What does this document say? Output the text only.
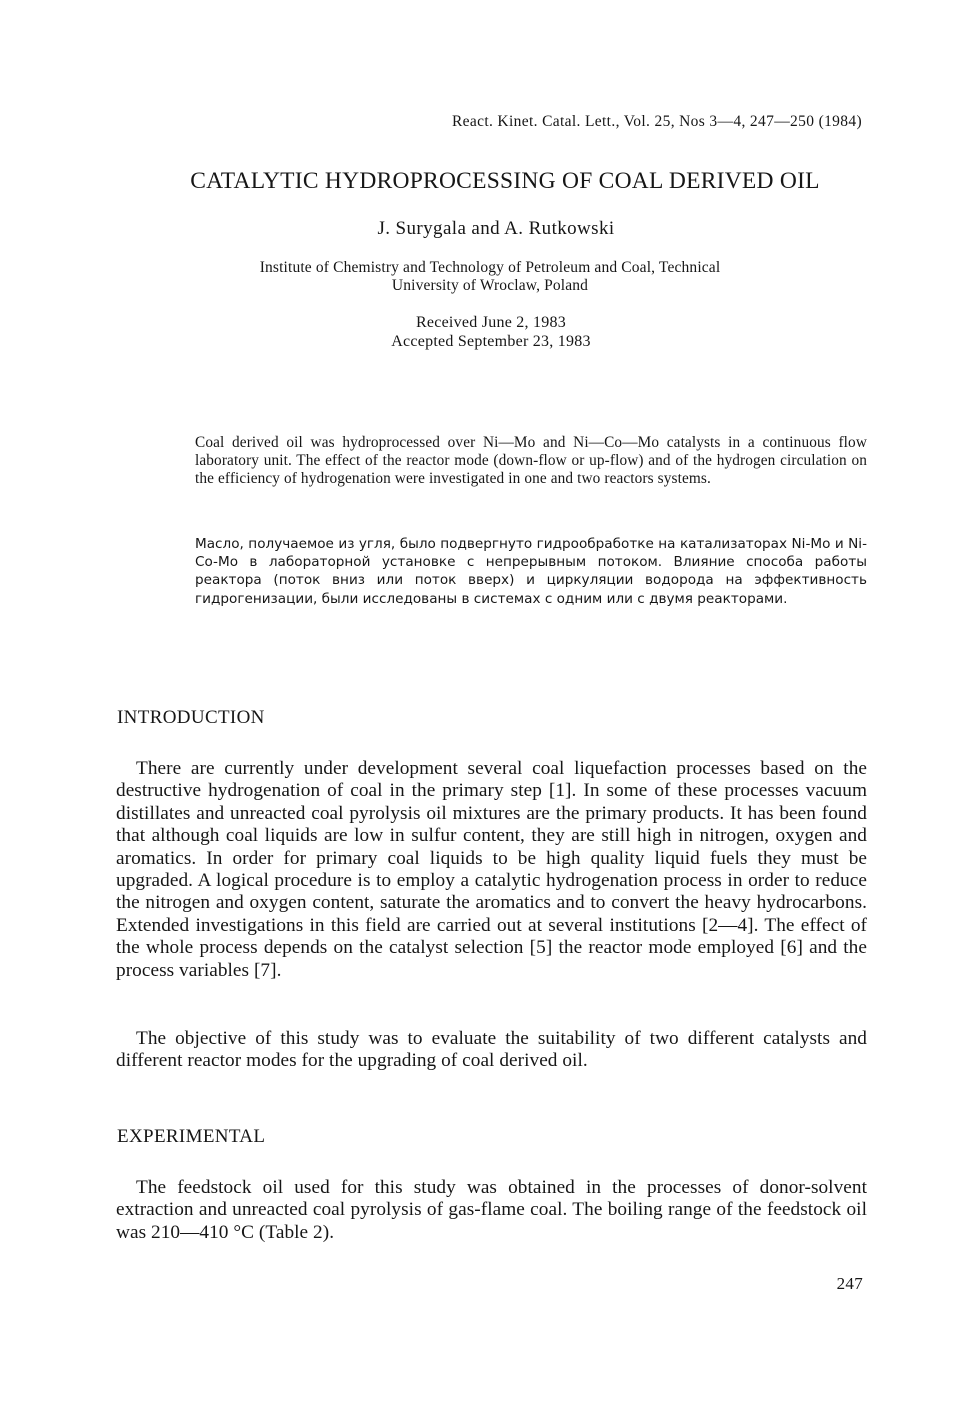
React. Kinet. Catal. Lett., Vol. 25, Nos 3—4, 247—250 (1984)
CATALYTIC HYDROPROCESSING OF COAL DERIVED OIL
J. Surygala and A. Rutkowski
Institute of Chemistry and Technology of Petroleum and Coal, Technical
University of Wroclaw, Poland
Received June 2, 1983
Accepted September 23, 1983

Coal derived oil was hydroprocessed over Ni—Mo and Ni—Co—Mo catalysts in a continuous flow laboratory unit. The effect of the reactor mode (down-flow or up-flow) and of the hydrogen circulation on the efficiency of hydrogenation were investigated in one and two reactors systems.

Масло, получаемое из угля, было подвергнуто гидрообработке на катализаторах Ni-Mo и Ni-Co-Mo в лабораторной установке с непрерывным потоком. Влияние способа работы реактора (поток вниз или поток вверх) и циркуляции водорода на эффективность гидрогенизации, были исследованы в системах с одним или с двумя реакторами.

INTRODUCTION

There are currently under development several coal liquefaction processes based on the destructive hydrogenation of coal in the primary step [1]. In some of these processes vacuum distillates and unreacted coal pyrolysis oil mixtures are the primary products. It has been found that although coal liquids are low in sulfur content, they are still high in nitrogen, oxygen and aromatics. In order for primary coal liquids to be high quality liquid fuels they must be upgraded. A logical procedure is to employ a catalytic hydrogenation process in order to reduce the nitrogen and oxygen content, saturate the aromatics and to convert the heavy hydrocarbons. Extended investigations in this field are carried out at several institutions [2—4]. The effect of the whole process depends on the catalyst selection [5] the reactor mode employed [6] and the process variables [7].

The objective of this study was to evaluate the suitability of two different catalysts and different reactor modes for the upgrading of coal derived oil.

EXPERIMENTAL

The feedstock oil used for this study was obtained in the processes of donor-solvent extraction and unreacted coal pyrolysis of gas-flame coal. The boiling range of the feedstock oil was 210—410 °C (Table 2).

247
